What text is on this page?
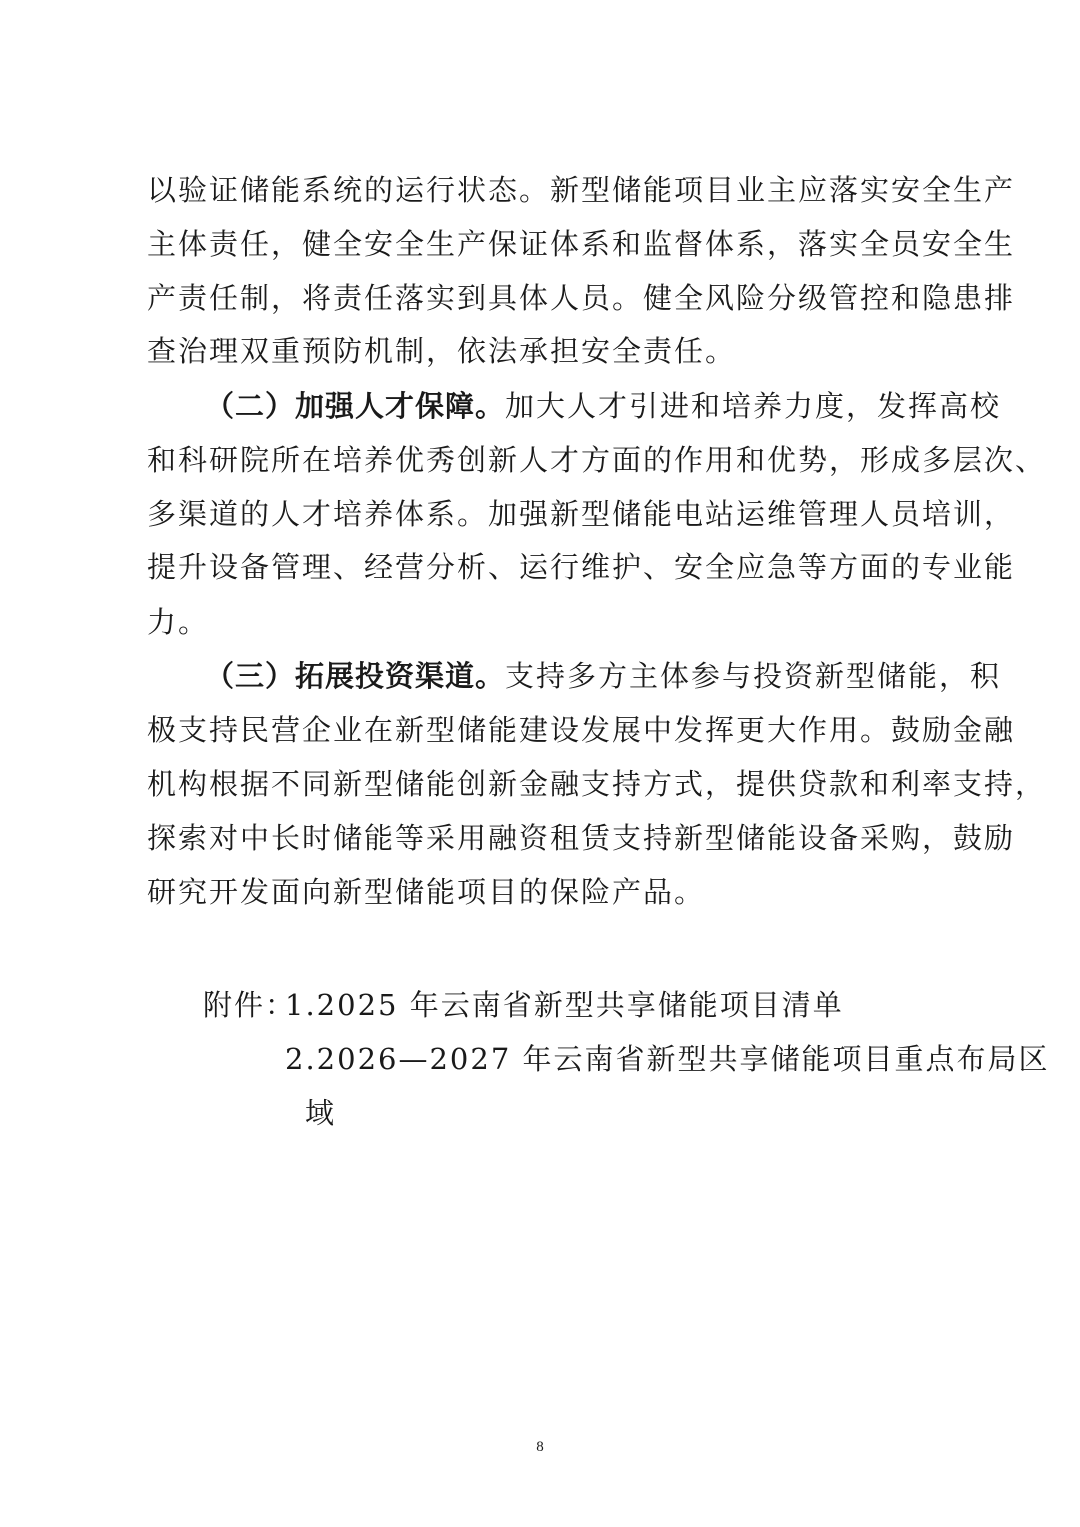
以验证储能系统的运行状态。新型储能项目业主应落实安全生产
主体责任，健全安全生产保证体系和监督体系，落实全员安全生
产责任制，将责任落实到具体人员。健全风险分级管控和隐患排
查治理双重预防机制，依法承担安全责任。
（二）加强人才保障。加大人才引进和培养力度，发挥高校
和科研院所在培养优秀创新人才方面的作用和优势，形成多层次、
多渠道的人才培养体系。加强新型储能电站运维管理人员培训，
提升设备管理、经营分析、运行维护、安全应急等方面的专业能
力。
（三）拓展投资渠道。支持多方主体参与投资新型储能，积
极支持民营企业在新型储能建设发展中发挥更大作用。鼓励金融
机构根据不同新型储能创新金融支持方式，提供贷款和利率支持，
探索对中长时储能等采用融资租赁支持新型储能设备采购，鼓励
研究开发面向新型储能项目的保险产品。
附件：
1.2025 年云南省新型共享储能项目清单
2.2026—2027 年云南省新型共享储能项目重点布局区
域
8
